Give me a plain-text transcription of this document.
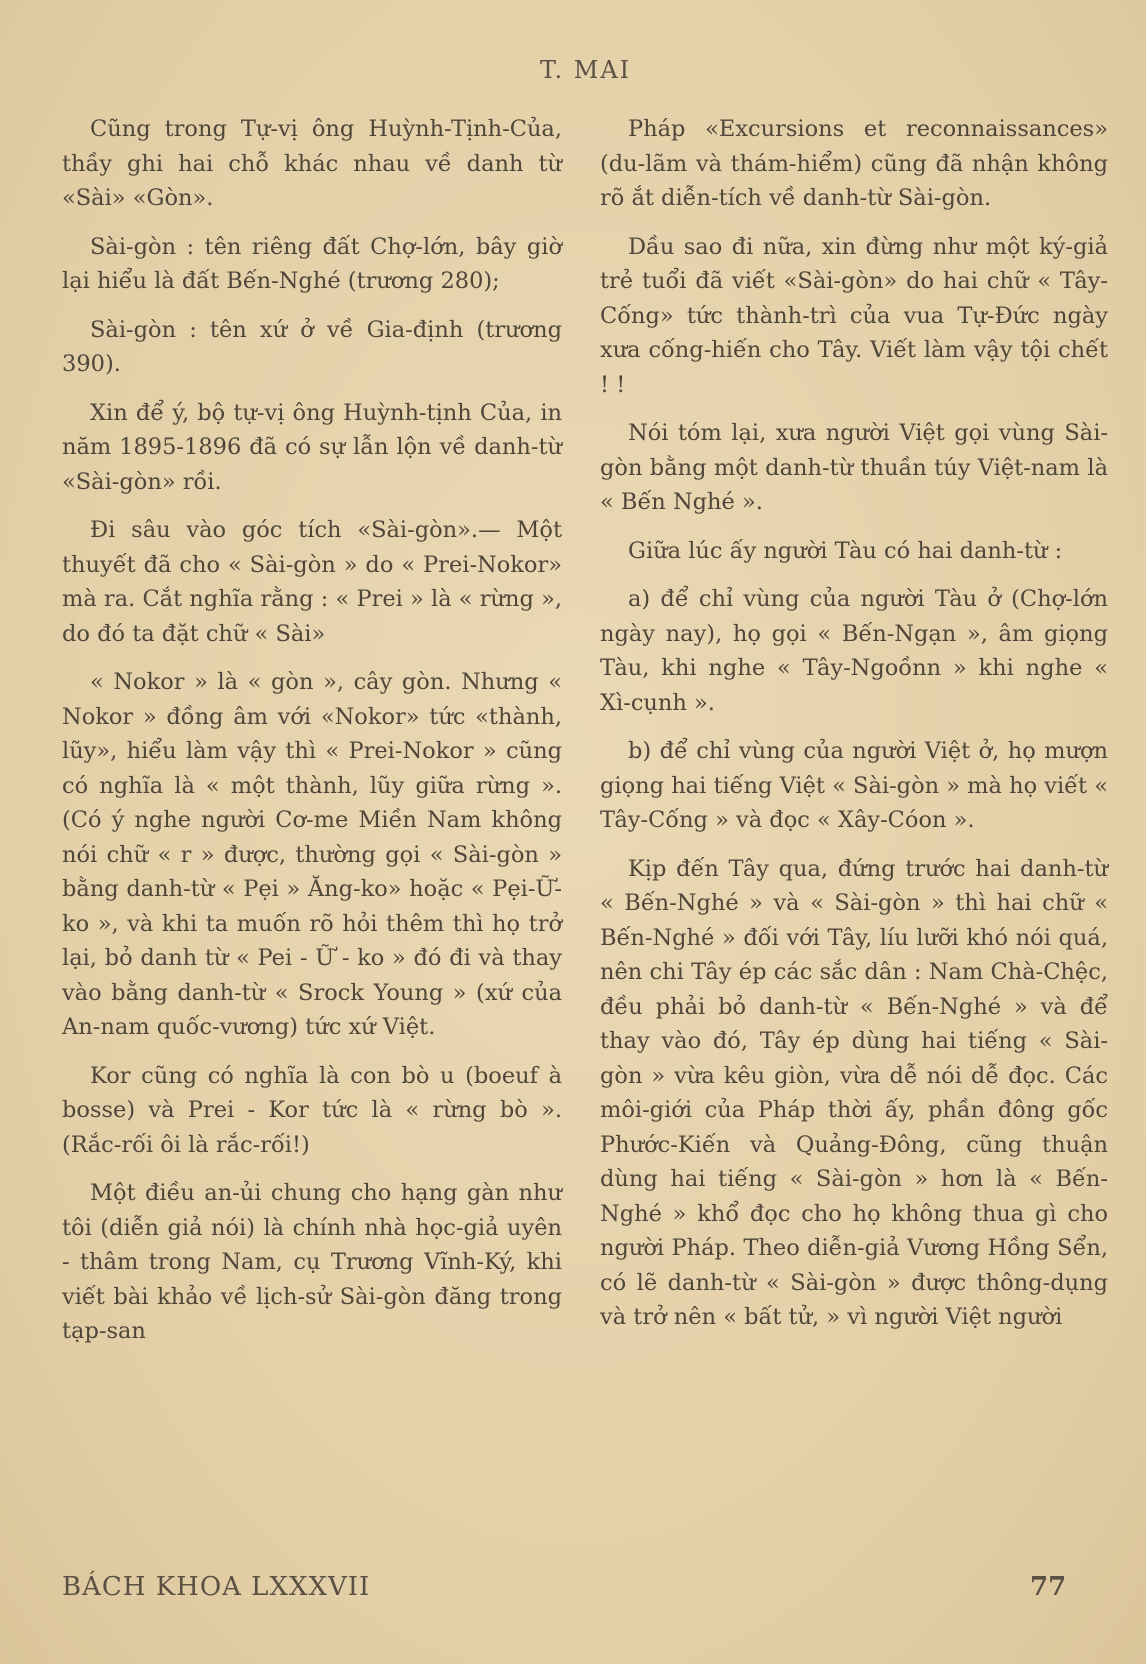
T. MAI

Cũng trong Tự-vị ông Huỳnh-Tịnh-Của, thầy ghi hai chỗ khác nhau về danh từ «Sài» «Gòn».

Sài-gòn : tên riêng đất Chợ-lớn, bây giờ lại hiểu là đất Bến-Nghé (trương 280);

Sài-gòn : tên xứ ở về Gia-định (trương 390).

Xin để ý, bộ tự-vị ông Huỳnh-tịnh Của, in năm 1895-1896 đã có sự lẫn lộn về danh-từ «Sài-gòn» rồi.

Đi sâu vào góc tích «Sài-gòn».— Một thuyết đã cho « Sài-gòn » do « Prei-Nokor» mà ra. Cắt nghĩa rằng : « Prei » là « rừng », do đó ta đặt chữ « Sài»

« Nokor » là « gòn », cây gòn. Nhưng « Nokor » đồng âm với «Nokor» tức «thành, lũy», hiểu làm vậy thì « Prei-Nokor » cũng có nghĩa là « một thành, lũy giữa rừng ». (Có ý nghe người Cơ-me Miền Nam không nói chữ « r » được, thường gọi « Sài-gòn » bằng danh-từ « Pẹi » Ăng-ko» hoặc « Pẹi-Ữ-ko », và khi ta muốn rõ hỏi thêm thì họ trở lại, bỏ danh từ « Pei - Ữ - ko » đó đi và thay vào bằng danh-từ « Srock Young » (xứ của An-nam quốc-vương) tức xứ Việt.

Kor cũng có nghĩa là con bò u (boeuf à bosse) và Prei - Kor tức là « rừng bò ». (Rắc-rối ôi là rắc-rối!)

Một điều an-ủi chung cho hạng gàn như tôi (diễn giả nói) là chính nhà học-giả uyên - thâm trong Nam, cụ Trương Vĩnh-Ký, khi viết bài khảo về lịch-sử Sài-gòn đăng trong tạp-san

Pháp «Excursions et reconnaissances» (du-lãm và thám-hiểm) cũng đã nhận không rõ ắt diễn-tích về danh-từ Sài-gòn.

Dầu sao đi nữa, xin đừng như một ký-giả trẻ tuổi đã viết «Sài-gòn» do hai chữ « Tây-Cống» tức thành-trì của vua Tự-Đức ngày xưa cống-hiến cho Tây. Viết làm vậy tội chết ! !

Nói tóm lại, xưa người Việt gọi vùng Sài-gòn bằng một danh-từ thuần túy Việt-nam là « Bến Nghé ».

Giữa lúc ấy người Tàu có hai danh-từ :

a) để chỉ vùng của người Tàu ở (Chợ-lớn ngày nay), họ gọi « Bến-Ngạn », âm giọng Tàu, khi nghe « Tây-Ngoồnn » khi nghe « Xì-cụnh ».

b) để chỉ vùng của người Việt ở, họ mượn giọng hai tiếng Việt « Sài-gòn » mà họ viết « Tây-Cống » và đọc « Xây-Cóon ».

Kịp đến Tây qua, đứng trước hai danh-từ « Bến-Nghé » và « Sài-gòn » thì hai chữ « Bến-Nghé » đối với Tây, líu lưỡi khó nói quá, nên chi Tây ép các sắc dân : Nam Chà-Chệc, đều phải bỏ danh-từ « Bến-Nghé » và để thay vào đó, Tây ép dùng hai tiếng « Sài-gòn » vừa kêu giòn, vừa dễ nói dễ đọc. Các môi-giới của Pháp thời ấy, phần đông gốc Phước-Kiến và Quảng-Đông, cũng thuận dùng hai tiếng « Sài-gòn » hơn là « Bến-Nghé » khổ đọc cho họ không thua gì cho người Pháp. Theo diễn-giả Vương Hồng Sển, có lẽ danh-từ « Sài-gòn » được thông-dụng và trở nên « bất tử, » vì người Việt người

BÁCH KHOA LXXXVII	77
